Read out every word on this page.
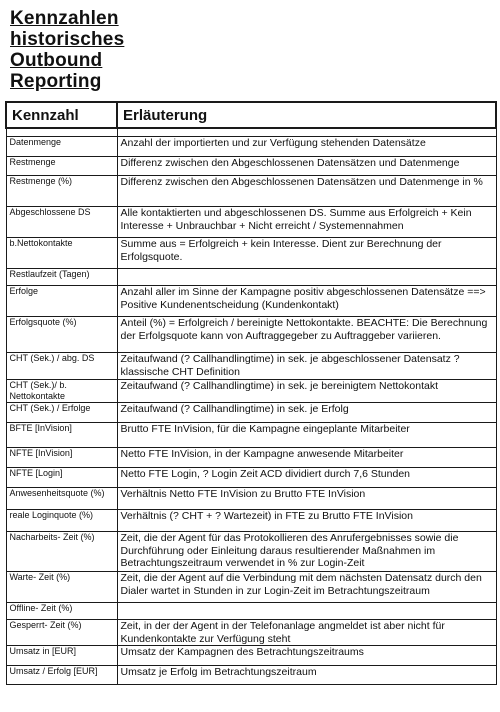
Kennzahlen
historisches
Outbound
Reporting
Kennzahl	Erläuterung

Datenmenge	Anzahl der importierten und zur Verfügung stehenden Datensätze
Restmenge	Differenz zwischen den Abgeschlossenen Datensätzen und Datenmenge
Restmenge (%)	Differenz zwischen den Abgeschlossenen Datensätzen und Datenmenge in %
Abgeschlossene DS	Alle kontaktierten und abgeschlossenen DS. Summe aus Erfolgreich + Kein Interesse + Unbrauchbar + Nicht erreicht / Systemennahmen
b.Nettokontakte	Summe aus = Erfolgreich + kein Interesse. Dient zur Berechnung der Erfolgsquote.
Restlaufzeit (Tagen)	
Erfolge	Anzahl aller im Sinne der Kampagne positiv abgeschlossenen Datensätze ==> Positive Kundenentscheidung (Kundenkontakt)
Erfolgsquote (%)	Anteil (%) = Erfolgreich / bereinigte Nettokontakte. BEACHTE: Die Berechnung der Erfolgsquote kann von Auftraggegeber zu Auftraggeber variieren.
CHT (Sek.) / abg. DS	Zeitaufwand (? Callhandlingtime) in sek. je abgeschlossener Datensatz ? klassische CHT Definition
CHT (Sek.)/ b. Nettokontakte	Zeitaufwand (? Callhandlingtime) in sek. je bereinigtem Nettokontakt
CHT (Sek.) / Erfolge	Zeitaufwand (? Callhandlingtime) in sek. je Erfolg
BFTE [InVision]	Brutto FTE InVision, für die Kampagne eingeplante Mitarbeiter
NFTE [InVision]	Netto FTE InVision, in der Kampagne anwesende Mitarbeiter
NFTE [Login]	Netto FTE Login, ? Login Zeit ACD dividiert durch 7,6 Stunden
Anwesenheitsquote (%)	Verhältnis Netto FTE InVision zu Brutto FTE InVision
reale Loginquote (%)	Verhältnis (? CHT + ? Wartezeit) in FTE zu Brutto FTE InVision
Nacharbeits- Zeit (%)	Zeit, die der Agent für das Protokollieren des Anrufergebnisses sowie die Durchführung oder Einleitung daraus resultierender Maßnahmen im Betrachtungszeitraum verwendet in % zur Login-Zeit
Warte- Zeit (%)	Zeit, die der Agent auf die Verbindung mit dem nächsten Datensatz durch den Dialer wartet in Stunden in zur Login-Zeit im Betrachtungszeitraum
Offline- Zeit (%)	
Gesperrt- Zeit (%)	Zeit, in der der Agent in der Telefonanlage angmeldet ist aber nicht für Kundenkontakte zur Verfügung steht
Umsatz in [EUR]	Umsatz der Kampagnen des Betrachtungszeitraums
Umsatz / Erfolg [EUR]	Umsatz je Erfolg im Betrachtungszeitraum
